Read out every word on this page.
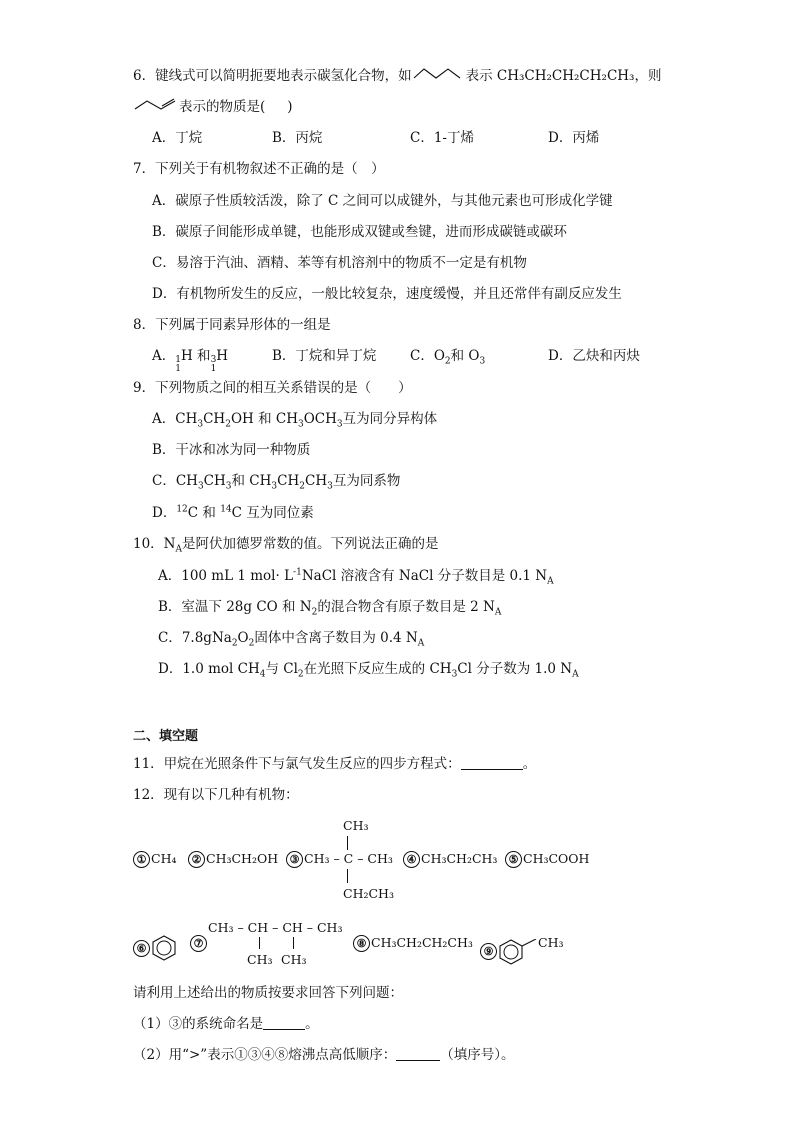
6．键线式可以简明扼要地表示碳氢化合物，如	表示 CH₃CH₂CH₂CH₂CH₃，则
表示的物质是( )
A．丁烷	B．丙烷	C．1-丁烯	D．丙烯
7．下列关于有机物叙述不正确的是（　）
A．碳原子性质较活泼，除了 C 之间可以成键外，与其他元素也可形成化学键
B．碳原子间能形成单键，也能形成双键或叁键，进而形成碳链或碳环
C．易溶于汽油、酒精、苯等有机溶剂中的物质不一定是有机物
D．有机物所发生的反应，一般比较复杂，速度缓慢，并且还常伴有副反应发生
8．下列属于同素异形体的一组是
A． 1
1
H 和 3
1
H	B．丁烷和异丁烷 C．$O_2$和 $O_3$	D．乙炔和丙炔
9．下列物质之间的相互关系错误的是（　　）
A．$CH_3CH_2OH$ 和 $CH_3OCH_3$互为同分异构体
B．干冰和冰为同一种物质
C．$CH_3CH_3$和 $CH_3CH_2CH_3$互为同系物
D．$^{12}$C 和 $^{14}$C 互为同位素
10．$N_A$是阿伏加德罗常数的值。下列说法正确的是
A．100 mL 1 $mol\cdot L^{-1}NaCl$ 溶液含有 NaCl 分子数目是 0.1 $N_A$
B．室温下 28g CO 和 $N_2$的混合物含有原子数目是 2 $N_A$
C．$7.8gNa_2O_2$固体中含离子数目为 0.4 $N_A$
D．1.0 mol $CH_4$与 $Cl_2$在光照下反应生成的 $CH_3Cl$ 分子数为 1.0 $N_A$
二、填空题
11．甲烷在光照条件下与氯气发生反应的四步方程式：	。
12．现有以下几种有机物：
① CH₄	② CH₃CH₂OH	③ CH₃ – C – CH₃
CH₃
CH₂CH₃
④ CH₃CH₂CH₃	⑤ CH₃COOH
⑥	⑦
CH₃ – CH – CH – CH₃
CH₃ CH₃
⑧ CH₃CH₂CH₂CH₃
⑨CH₃
请利用上述给出的物质按要求回答下列问题：
（1）③的系统命名是	。
（2）用“>”表示①③④⑧熔沸点高低顺序：	（填序号）。
